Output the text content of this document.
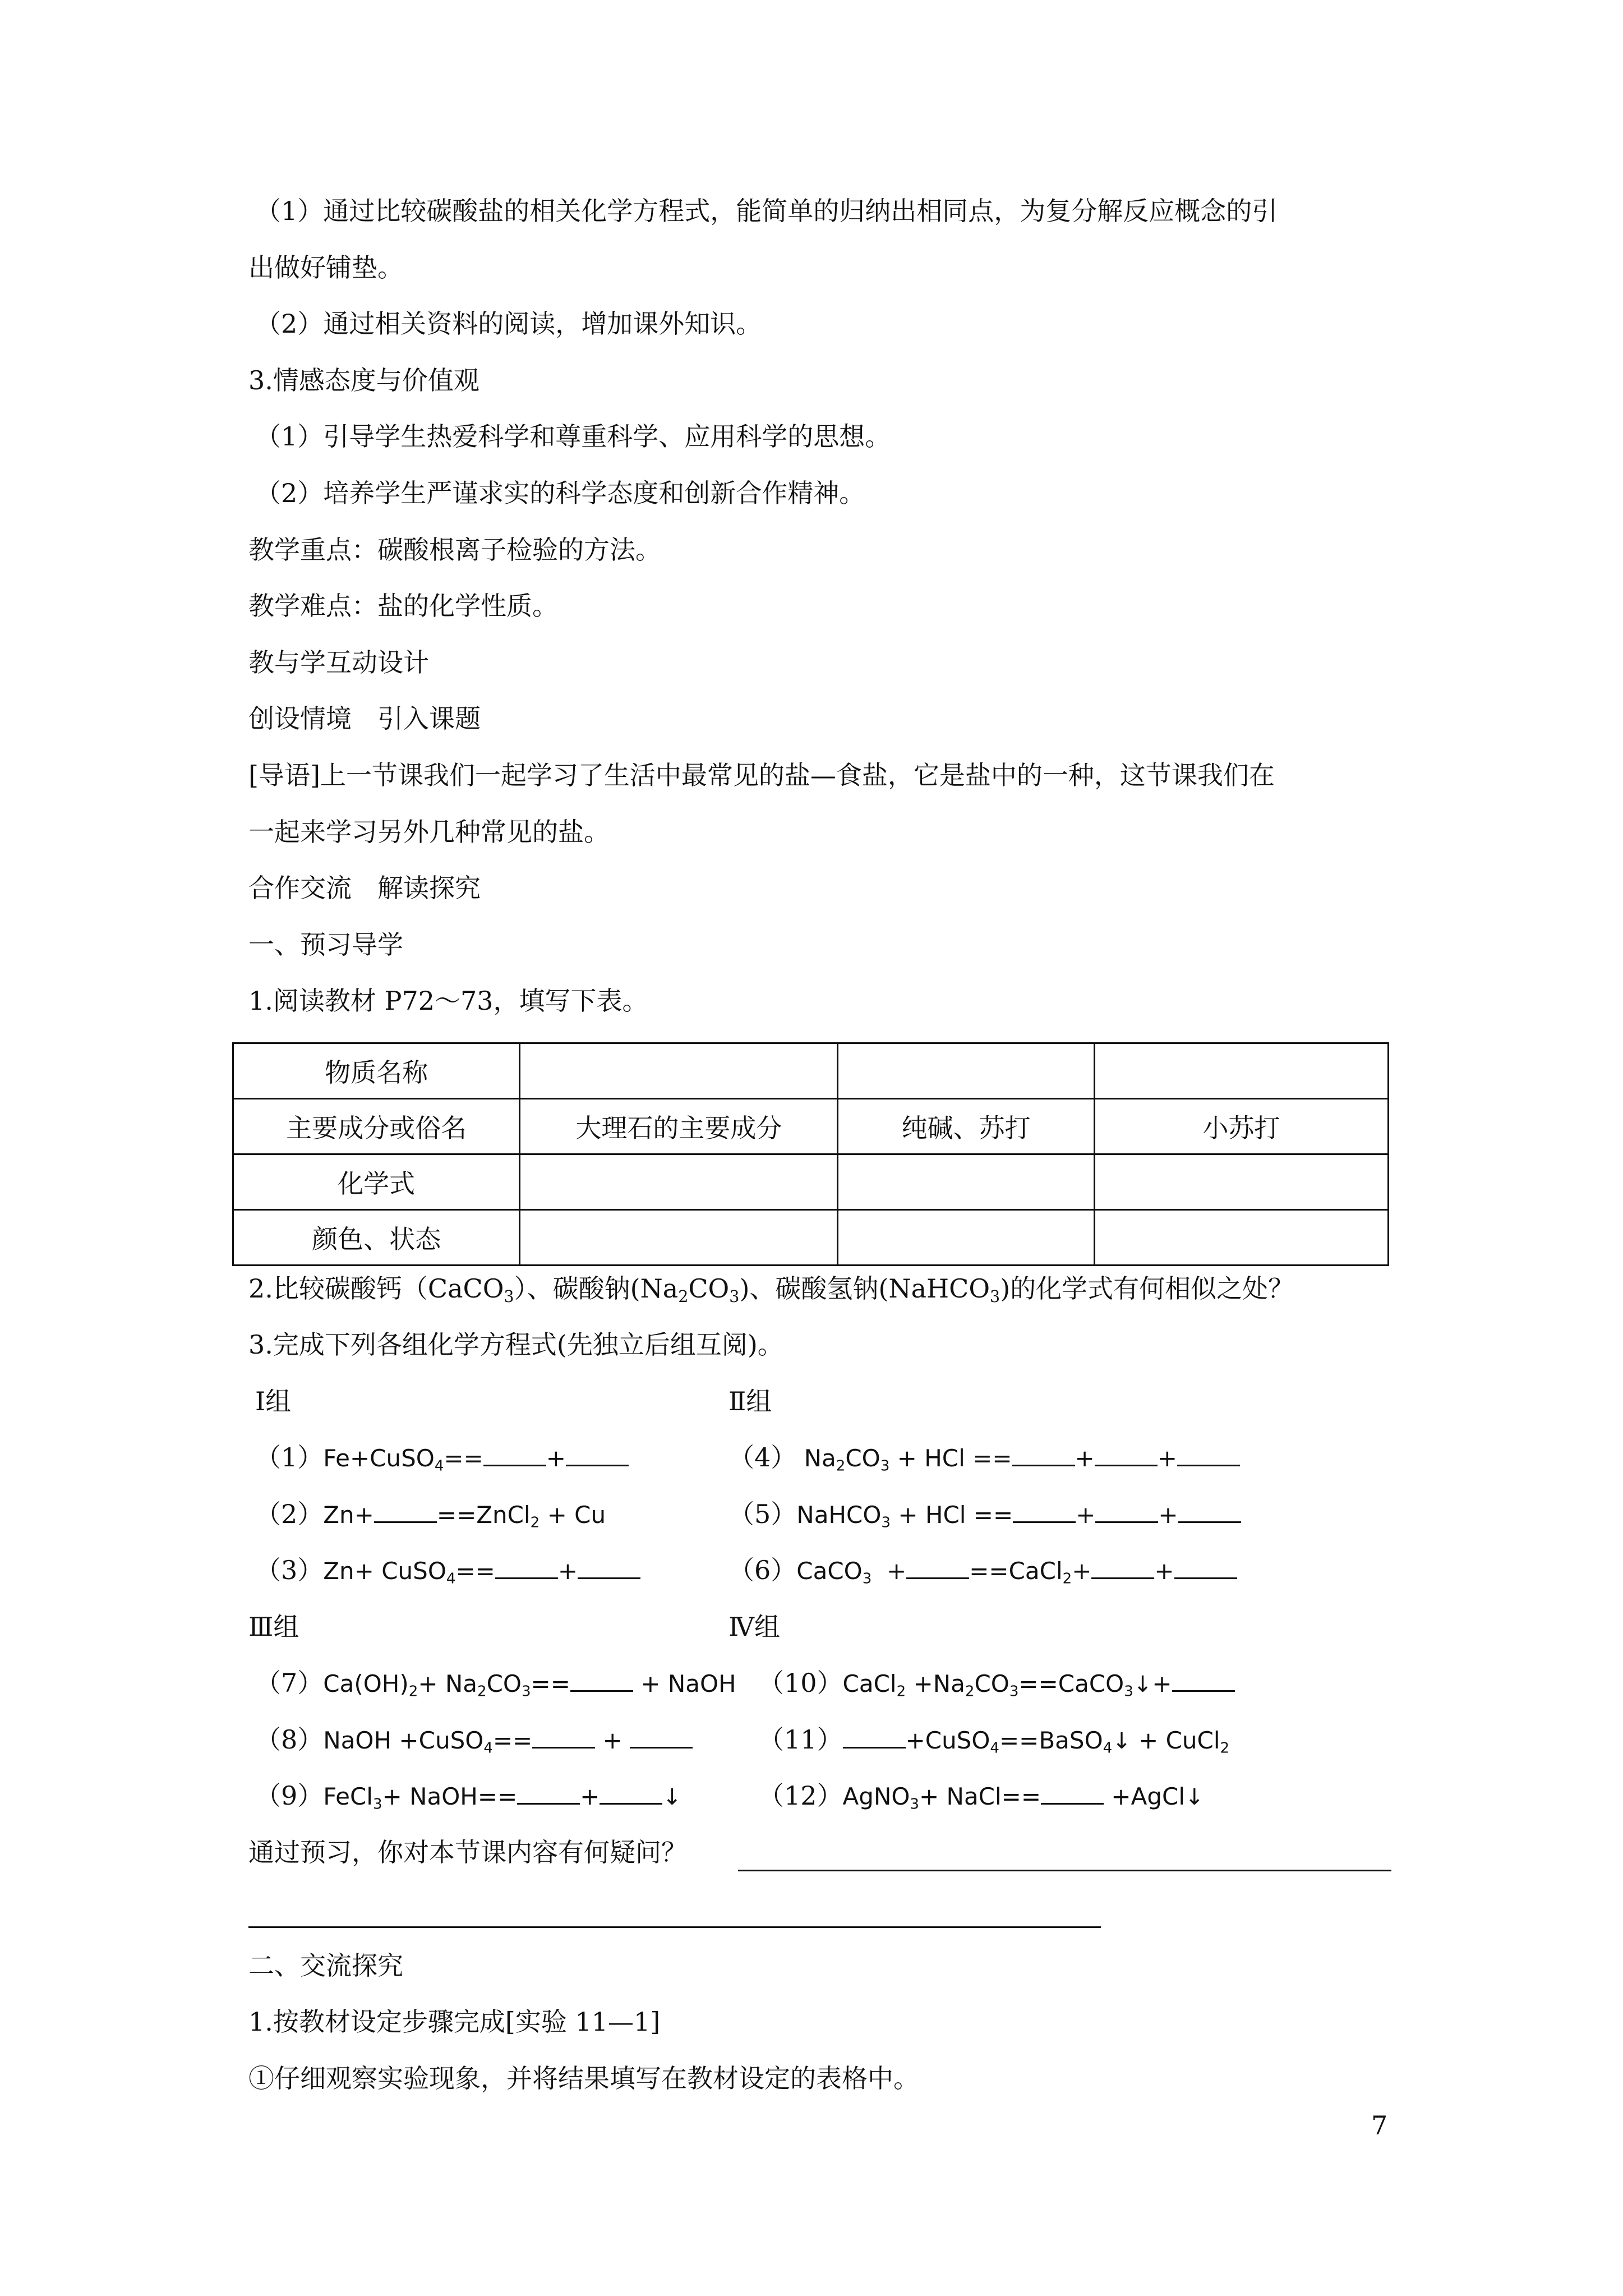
（1）通过比较碳酸盐的相关化学方程式，能简单的归纳出相同点，为复分解反应概念的引
出做好铺垫。
（2）通过相关资料的阅读，增加课外知识。
3.情感态度与价值观
（1）引导学生热爱科学和尊重科学、应用科学的思想。
（2）培养学生严谨求实的科学态度和创新合作精神。
教学重点：碳酸根离子检验的方法。
教学难点：盐的化学性质。
教与学互动设计
创设情境　引入课题
[导语]上一节课我们一起学习了生活中最常见的盐—食盐，它是盐中的一种，这节课我们在
一起来学习另外几种常见的盐。
合作交流　解读探究
一、预习导学
1.阅读教材 P72～73，填写下表。
物质名称			
主要成分或俗名	大理石的主要成分	纯碱、苏打	小苏打
化学式			
颜色、状态			
2.比较碳酸钙（CaCO$_3$）、碳酸钠$(Na_2CO_3)$、碳酸氢钠(NaHCO$_3$)的化学式有何相似之处？
3.完成下列各组化学方程式(先独立后组互阅)。
Ⅰ组	Ⅱ组
（1）Fe+CuSO$_4$==	+
（2）Zn+	==ZnCl$_2$ + Cu
（3）Zn+ CuSO$_4$==	+
（4） $Na_2CO_3$ + HCl ==	+	+
（5）NaHCO$_3$ + HCl ==	+	+
（6）CaCO$_3$  +	==CaCl$_2$+	+
Ⅲ组	Ⅳ组
$(7)Ca(OH)_2+ Na_2CO_3==$	+ NaOH
（8）NaOH +CuSO$_4$==	+
（9）FeCl$_3$+ NaOH==	+	↓
（10）CaCl$_2$ $+Na_2CO_3==CaCO_3↓+$
（11）	+CuSO$_4$==BaSO$_4$↓ + CuCl$_2$
（12）AgNO$_3$+ NaCl==	+AgCl↓
通过预习，你对本节课内容有何疑问？
二、交流探究
1.按教材设定步骤完成[实验 11—1]
①仔细观察实验现象，并将结果填写在教材设定的表格中。
7
